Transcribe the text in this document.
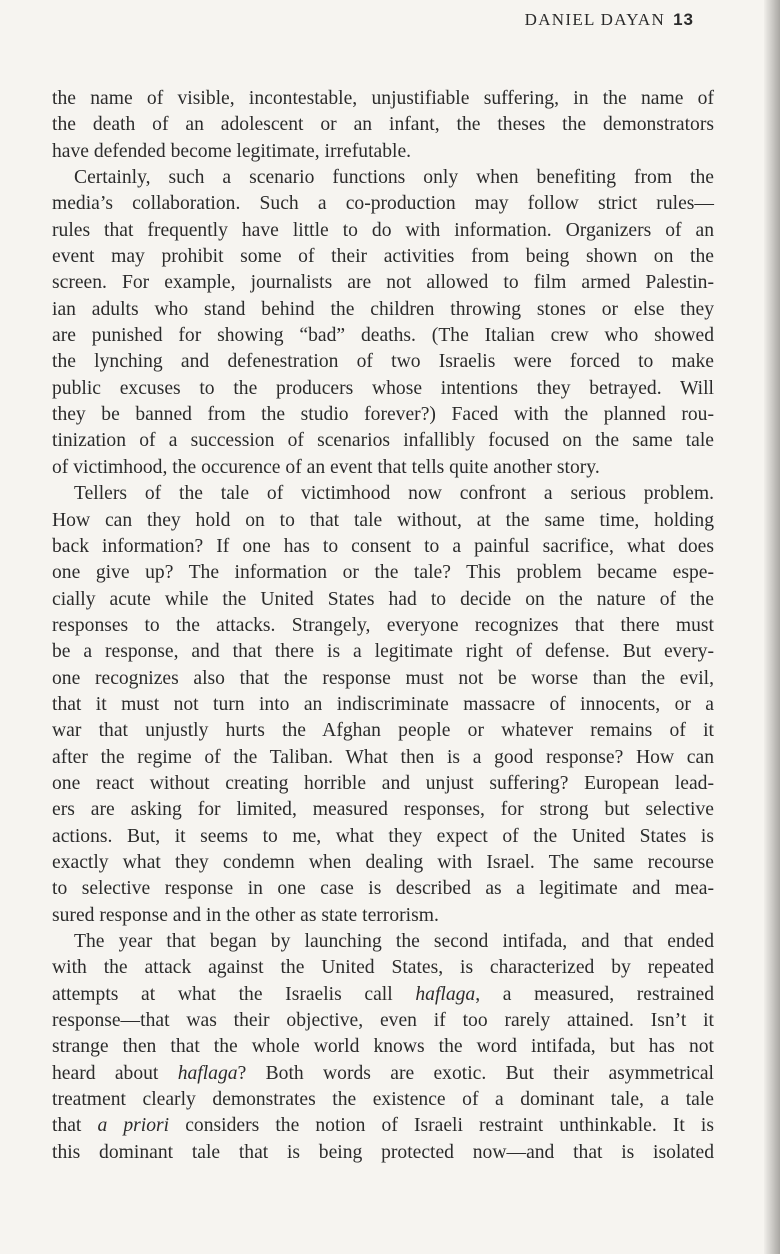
DANIEL DAYAN 13
the name of visible, incontestable, unjustifiable suffering, in the name of
the death of an adolescent or an infant, the theses the demonstrators
have defended become legitimate, irrefutable.
Certainly, such a scenario functions only when benefiting from the
media’s collaboration. Such a co-production may follow strict rules—
rules that frequently have little to do with information. Organizers of an
event may prohibit some of their activities from being shown on the
screen. For example, journalists are not allowed to film armed Palestin-
ian adults who stand behind the children throwing stones or else they
are punished for showing “bad” deaths. (The Italian crew who showed
the lynching and defenestration of two Israelis were forced to make
public excuses to the producers whose intentions they betrayed. Will
they be banned from the studio forever?) Faced with the planned rou-
tinization of a succession of scenarios infallibly focused on the same tale
of victimhood, the occurence of an event that tells quite another story.
Tellers of the tale of victimhood now confront a serious problem.
How can they hold on to that tale without, at the same time, holding
back information? If one has to consent to a painful sacrifice, what does
one give up? The information or the tale? This problem became espe-
cially acute while the United States had to decide on the nature of the
responses to the attacks. Strangely, everyone recognizes that there must
be a response, and that there is a legitimate right of defense. But every-
one recognizes also that the response must not be worse than the evil,
that it must not turn into an indiscriminate massacre of innocents, or a
war that unjustly hurts the Afghan people or whatever remains of it
after the regime of the Taliban. What then is a good response? How can
one react without creating horrible and unjust suffering? European lead-
ers are asking for limited, measured responses, for strong but selective
actions. But, it seems to me, what they expect of the United States is
exactly what they condemn when dealing with Israel. The same recourse
to selective response in one case is described as a legitimate and mea-
sured response and in the other as state terrorism.
The year that began by launching the second intifada, and that ended
with the attack against the United States, is characterized by repeated
attempts at what the Israelis call haflaga, a measured, restrained
response—that was their objective, even if too rarely attained. Isn’t it
strange then that the whole world knows the word intifada, but has not
heard about haflaga? Both words are exotic. But their asymmetrical
treatment clearly demonstrates the existence of a dominant tale, a tale
that a priori considers the notion of Israeli restraint unthinkable. It is
this dominant tale that is being protected now—and that is isolated
